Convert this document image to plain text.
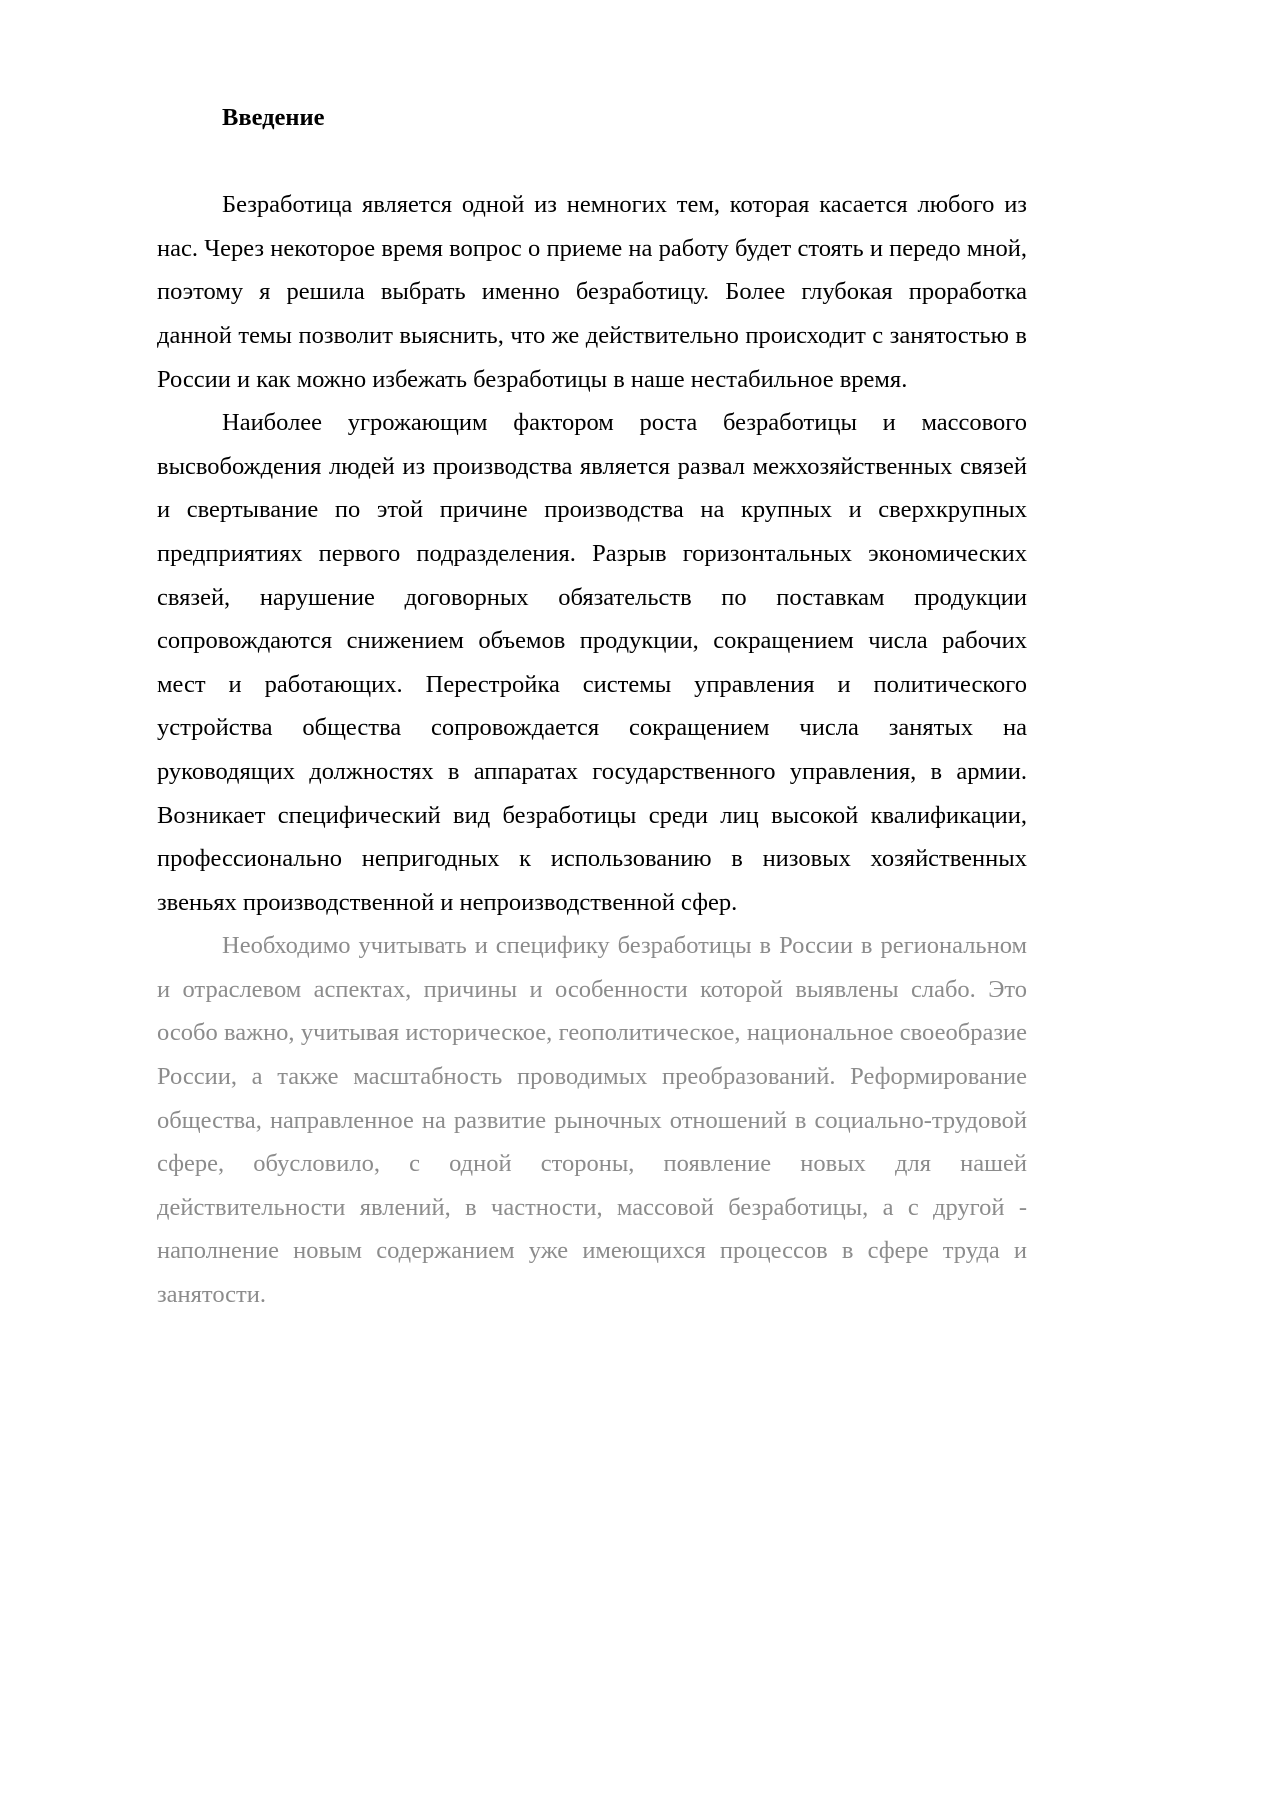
Введение

Безработица является одной из немногих тем, которая касается любого из нас. Через некоторое время вопрос о приеме на работу будет стоять и передо мной, поэтому я решила выбрать именно безработицу. Более глубокая проработка данной темы позволит выяснить, что же действительно происходит с занятостью в России и как можно избежать безработицы в наше нестабильное время.

Наиболее угрожающим фактором роста безработицы и массового высвобождения людей из производства является развал межхозяйственных связей и свертывание по этой причине производства на крупных и сверхкрупных предприятиях первого подразделения. Разрыв горизонтальных экономических связей, нарушение договорных обязательств по поставкам продукции сопровождаются снижением объемов продукции, сокращением числа рабочих мест и работающих. Перестройка системы управления и политического устройства общества сопровождается сокращением числа занятых на руководящих должностях в аппаратах государственного управления, в армии. Возникает специфический вид безработицы среди лиц высокой квалификации, профессионально непригодных к использованию в низовых хозяйственных звеньях производственной и непроизводственной сфер.

Необходимо учитывать и специфику безработицы в России в региональном и отраслевом аспектах, причины и особенности которой выявлены слабо. Это особо важно, учитывая историческое, геополитическое, национальное своеобразие России, а также масштабность проводимых преобразований. Реформирование общества, направленное на развитие рыночных отношений в социально-трудовой сфере, обусловило, с одной стороны, появление новых для нашей действительности явлений, в частности, массовой безработицы, а с другой - наполнение новым содержанием уже имеющихся процессов в сфере труда и занятости.
